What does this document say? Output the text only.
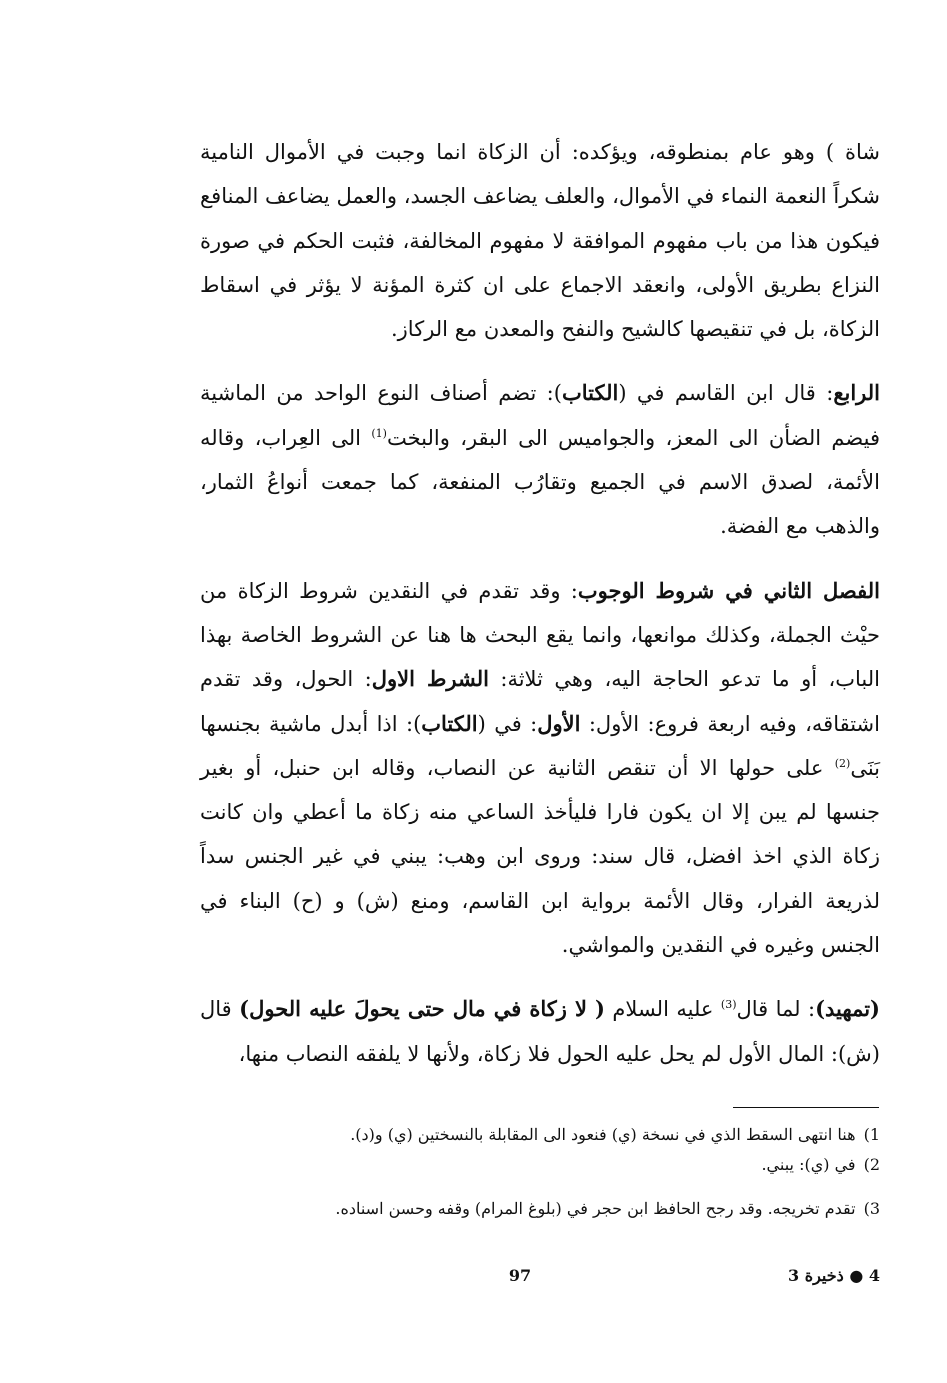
شاة ) وهو عام بمنطوقه، ويؤكده: أن الزكاة انما وجبت في الأموال النامية شكراً النعمة النماء في الأموال، والعلف يضاعف الجسد، والعمل يضاعف المنافع فيكون هذا من باب مفهوم الموافقة لا مفهوم المخالفة، فثبت الحكم في صورة النزاع بطريق الأولى، وانعقد الاجماع على ان كثرة المؤنة لا يؤثر في اسقاط الزكاة، بل في تنقيصها كالشيح والنفح والمعدن مع الركاز.

الرابع: قال ابن القاسم في (الكتاب): تضم أصناف النوع الواحد من الماشية فيضم الضأن الى المعز، والجواميس الى البقر، والبخت$^{(1)}$ الى العِراب، وقاله الأئمة، لصدق الاسم في الجميع وتقارُب المنفعة، كما جمعت أنواعُ الثمار، والذهب مع الفضة.

الفصل الثاني في شروط الوجوب: وقد تقدم في النقدين شروط الزكاة من حيْث الجملة، وكذلك موانعها، وانما يقع البحث ها هنا عن الشروط الخاصة بهذا الباب، أو ما تدعو الحاجة اليه، وهي ثلاثة: الشرط الاول: الحول، وقد تقدم اشتقاقه، وفيه اربعة فروع: الأول: الأول: في (الكتاب): اذا أبدل ماشية بجنسها بَنَى$^{(2)}$ على حولها الا أن تنقص الثانية عن النصاب، وقاله ابن حنبل، أو بغير جنسها لم يبن إلا ان يكون فارا فليأخذ الساعي منه زكاة ما أعطي وان كانت زكاة الذي اخذ افضل، قال سند: وروى ابن وهب: يبني في غير الجنس سداً لذريعة الفرار، وقال الأئمة برواية ابن القاسم، ومنع (ش) و (ح) البناء في الجنس وغيره في النقدين والمواشي.

(تمهيد): لما قال$^{(3)}$ عليه السلام ( لا زكاة في مال حتى يحولَ عليه الحول) قال (ش): المال الأول لم يحل عليه الحول فلا زكاة، ولأنها لا يلفقه النصاب منها،

1)هنا انتهى السقط الذي في نسخة (ي) فنعود الى المقابلة بالنسختين (ي) و(د).

2)في (ي): يبني.

3)تقدم تخريجه. وقد رجح الحافظ ابن حجر في (بلوغ المرام) وقفه وحسن اسناده.

97	4 ● ذخيرة 3
